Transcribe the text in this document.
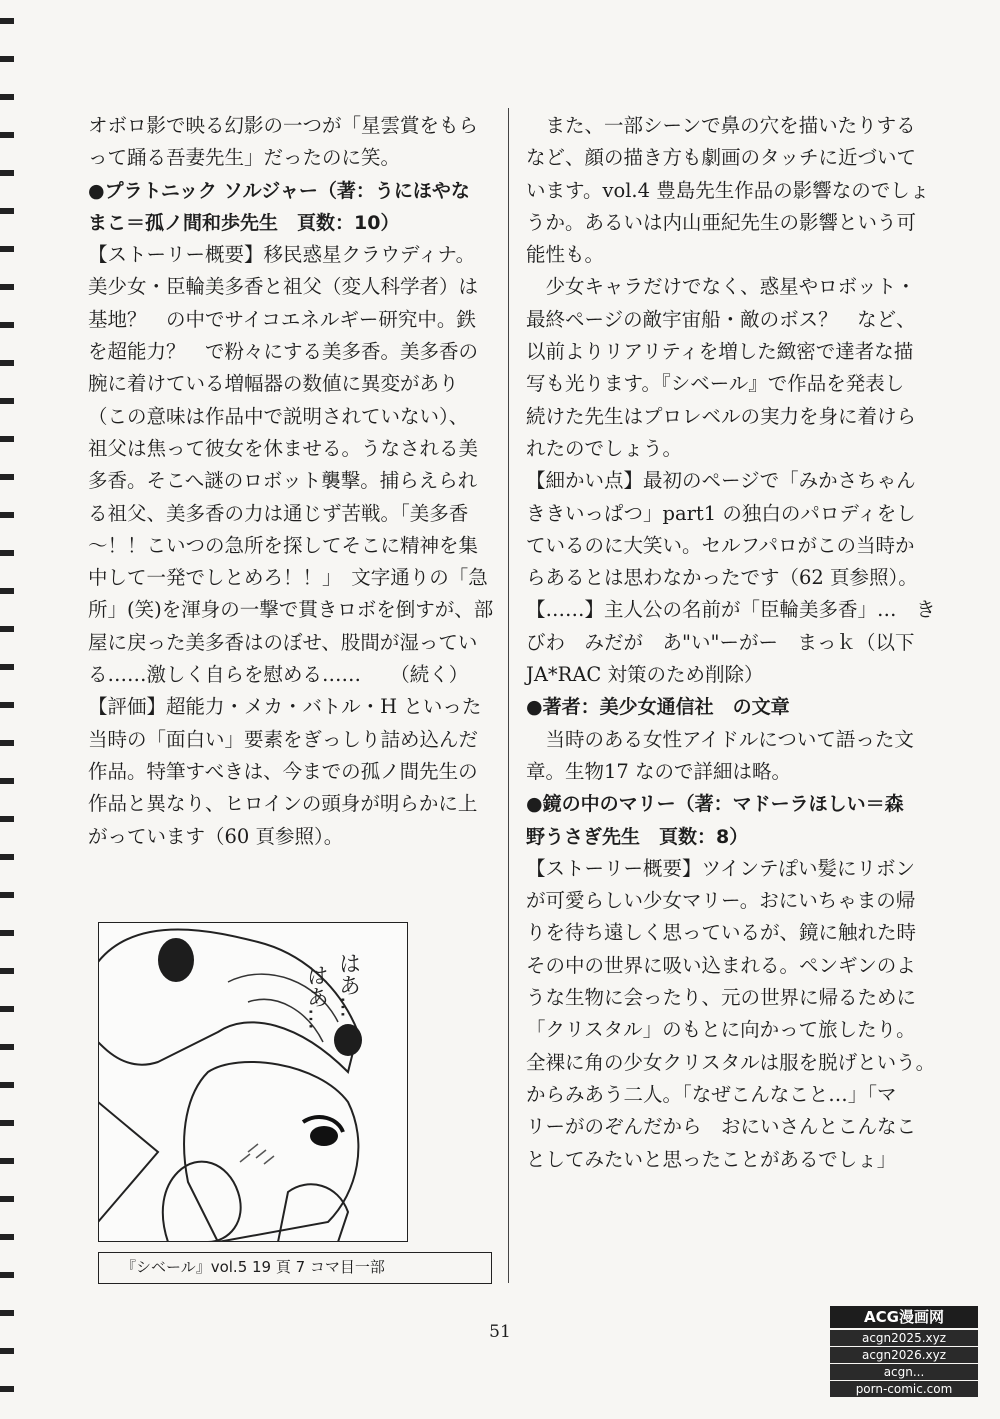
オボロ影で映る幻影の一つが「星雲賞をもら

って踊る吾妻先生」だったのに笑。

●プラトニック ソルジャー（著：うにほやな

まこ＝孤ノ間和歩先生　頁数：10）

【ストーリー概要】移民惑星クラウディナ。

美少女・臣輪美多香と祖父（変人科学者）は

基地？　の中でサイコエネルギー研究中。鉄

を超能力？　で粉々にする美多香。美多香の

腕に着けている増幅器の数値に異変があり

（この意味は作品中で説明されていない）、

祖父は焦って彼女を休ませる。うなされる美

多香。そこへ謎のロボット襲撃。捕らえられ

る祖父、美多香の力は通じず苦戦。「美多香

～！！こいつの急所を探してそこに精神を集

中して一発でしとめろ！！」　文字通りの「急

所」(笑)を渾身の一撃で貫きロボを倒すが、部

屋に戻った美多香はのぼせ、股間が湿ってい

る……激しく自らを慰める……　　（続く）

【評価】超能力・メカ・バトル・H といった

当時の「面白い」要素をぎっしり詰め込んだ

作品。特筆すべきは、今までの孤ノ間先生の

作品と異なり、ヒロインの頭身が明らかに上

がっています（60 頁参照）。

　また、一部シーンで鼻の穴を描いたりする

など、顔の描き方も劇画のタッチに近づいて

います。vol.4 豊島先生作品の影響なのでしょ

うか。あるいは内山亜紀先生の影響という可

能性も。

　少女キャラだけでなく、惑星やロボット・

最終ページの敵宇宙船・敵のボス？　など、

以前よりリアリティを増した緻密で達者な描

写も光ります。『シベール』で作品を発表し

続けた先生はプロレベルの実力を身に着けら

れたのでしょう。

【細かい点】最初のページで「みかさちゃん

ききいっぱつ」part1 の独白のパロディをし

ているのに大笑い。セルフパロがこの当時か

らあるとは思わなかったです（62 頁参照）。

【……】主人公の名前が「臣輪美多香」…　き

びわ　みだが　あ"い"ーがー　まっｋ（以下

JA*RAC 対策のため削除）

●著者：美少女通信社　の文章

　当時のある女性アイドルについて語った文

章。生物17 なので詳細は略。

●鏡の中のマリー（著：マドーラほしい＝森

野うさぎ先生　頁数：8）

【ストーリー概要】ツインテぽい髪にリボン

が可愛らしい少女マリー。おにいちゃまの帰

りを待ち遠しく思っているが、鏡に触れた時

その中の世界に吸い込まれる。ペンギンのよ

うな生物に会ったり、元の世界に帰るために

「クリスタル」のもとに向かって旅したり。

全裸に角の少女クリスタルは服を脱げという。

からみあう二人。「なぜこんなこと…」「マ

リーがのぞんだから　おにいさんとこんなこ

としてみたいと思ったことがあるでしょ」

はあ…
はあ…
『シベール』vol.5 19 頁 7 コマ目一部
51
ACG漫画网
acgn2025.xyz
acgn2026.xyz
acgn...
porn-comic.com
